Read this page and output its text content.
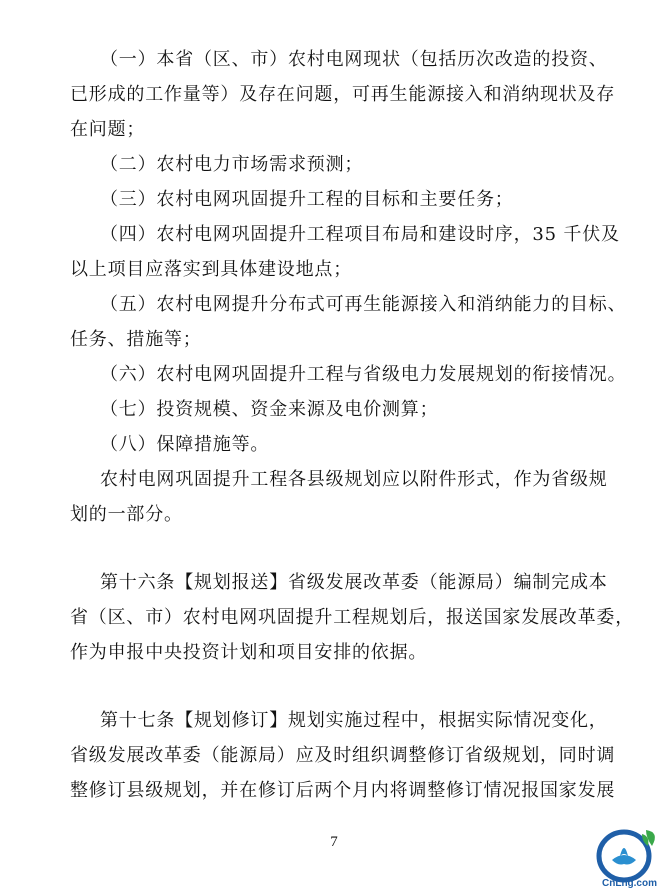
（一）本省（区、市）农村电网现状（包括历次改造的投资、
已形成的工作量等）及存在问题，可再生能源接入和消纳现状及存
在问题；
（二）农村电力市场需求预测；
（三）农村电网巩固提升工程的目标和主要任务；
（四）农村电网巩固提升工程项目布局和建设时序，35 千伏及
以上项目应落实到具体建设地点；
（五）农村电网提升分布式可再生能源接入和消纳能力的目标、
任务、措施等；
（六）农村电网巩固提升工程与省级电力发展规划的衔接情况。
（七）投资规模、资金来源及电价测算；
（八）保障措施等。
农村电网巩固提升工程各县级规划应以附件形式，作为省级规
划的一部分。
第十六条【规划报送】省级发展改革委（能源局）编制完成本
省（区、市）农村电网巩固提升工程规划后，报送国家发展改革委，
作为申报中央投资计划和项目安排的依据。
第十七条【规划修订】规划实施过程中，根据实际情况变化，
省级发展改革委（能源局）应及时组织调整修订省级规划，同时调
整修订县级规划，并在修订后两个月内将调整修订情况报国家发展
7
CnLng.com
